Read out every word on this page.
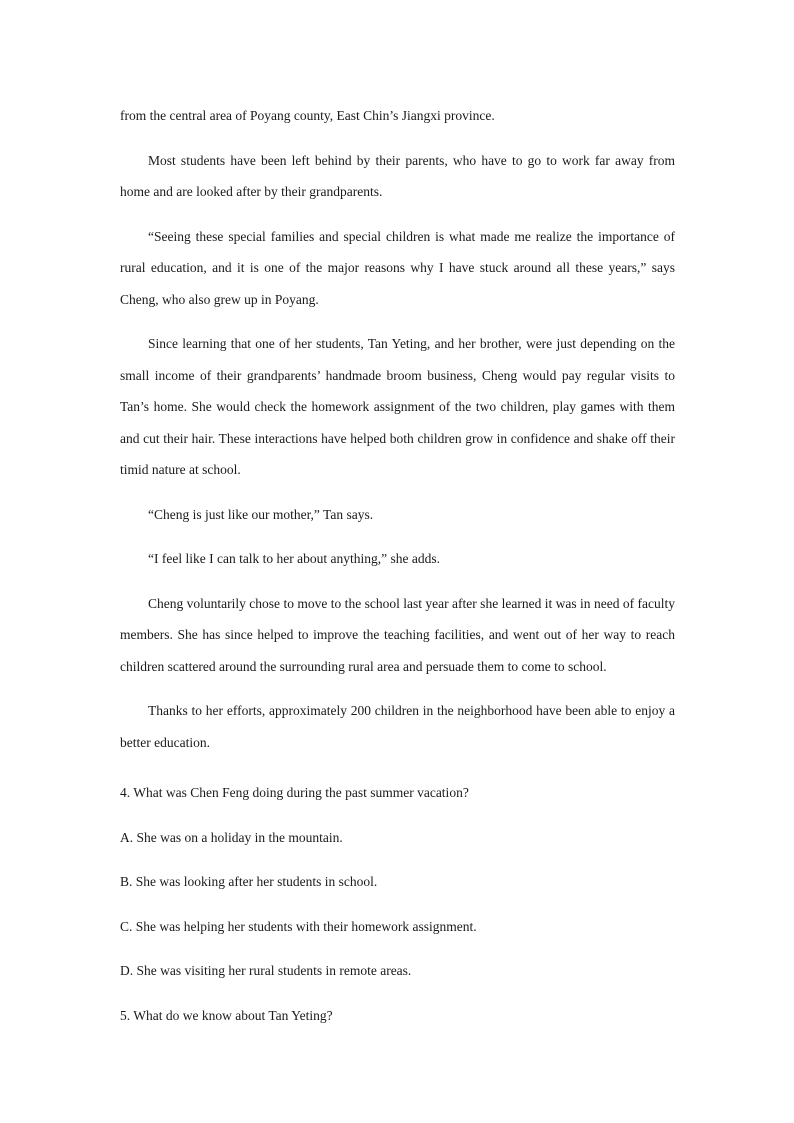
from the central area of Poyang county, East Chin’s Jiangxi province.

Most students have been left behind by their parents, who have to go to work far away from home and are looked after by their grandparents.

“Seeing these special families and special children is what made me realize the importance of rural education, and it is one of the major reasons why I have stuck around all these years,” says Cheng, who also grew up in Poyang.

Since learning that one of her students, Tan Yeting, and her brother, were just depending on the small income of their grandparents’ handmade broom business, Cheng would pay regular visits to Tan’s home. She would check the homework assignment of the two children, play games with them and cut their hair. These interactions have helped both children grow in confidence and shake off their timid nature at school.

“Cheng is just like our mother,” Tan says.

“I feel like I can talk to her about anything,” she adds.

Cheng voluntarily chose to move to the school last year after she learned it was in need of faculty members. She has since helped to improve the teaching facilities, and went out of her way to reach children scattered around the surrounding rural area and persuade them to come to school.

Thanks to her efforts, approximately 200 children in the neighborhood have been able to enjoy a better education.

4. What was Chen Feng doing during the past summer vacation?

A. She was on a holiday in the mountain.

B. She was looking after her students in school.

C. She was helping her students with their homework assignment.

D. She was visiting her rural students in remote areas.

5. What do we know about Tan Yeting?
